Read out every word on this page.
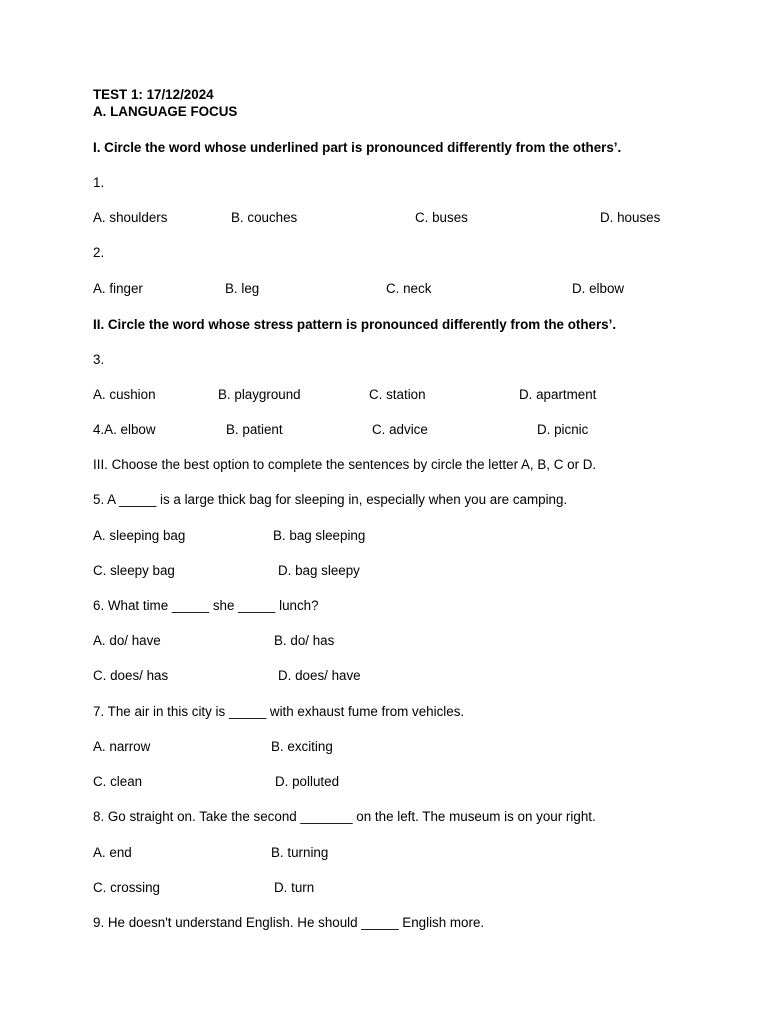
TEST 1: 17/12/2024
A. LANGUAGE FOCUS
I. Circle the word whose underlined part is pronounced differently from the others’.
1.
A. shoulders	B. couches	C. buses	D. houses
2.
A. finger	B. leg	C. neck	D. elbow
II. Circle the word whose stress pattern is pronounced differently from the others’.
3.
A. cushion	B. playground	C. station	D. apartment
4.A. elbow	B. patient	C. advice	D. picnic
III. Choose the best option to complete the sentences by circle the letter A, B, C or D.
5. A _____ is a large thick bag for sleeping in, especially when you are camping.
A. sleeping bag	B. bag sleeping
C. sleepy bag	D. bag sleepy
6. What time _____ she _____ lunch?
A. do/ have	B. do/ has
C. does/ has	D. does/ have
7. The air in this city is _____ with exhaust fume from vehicles.
A. narrow	B. exciting
C. clean	D. polluted
8. Go straight on. Take the second _______ on the left. The museum is on your right.
A. end	B. turning
C. crossing	D. turn
9. He doesn't understand English. He should _____ English more.
